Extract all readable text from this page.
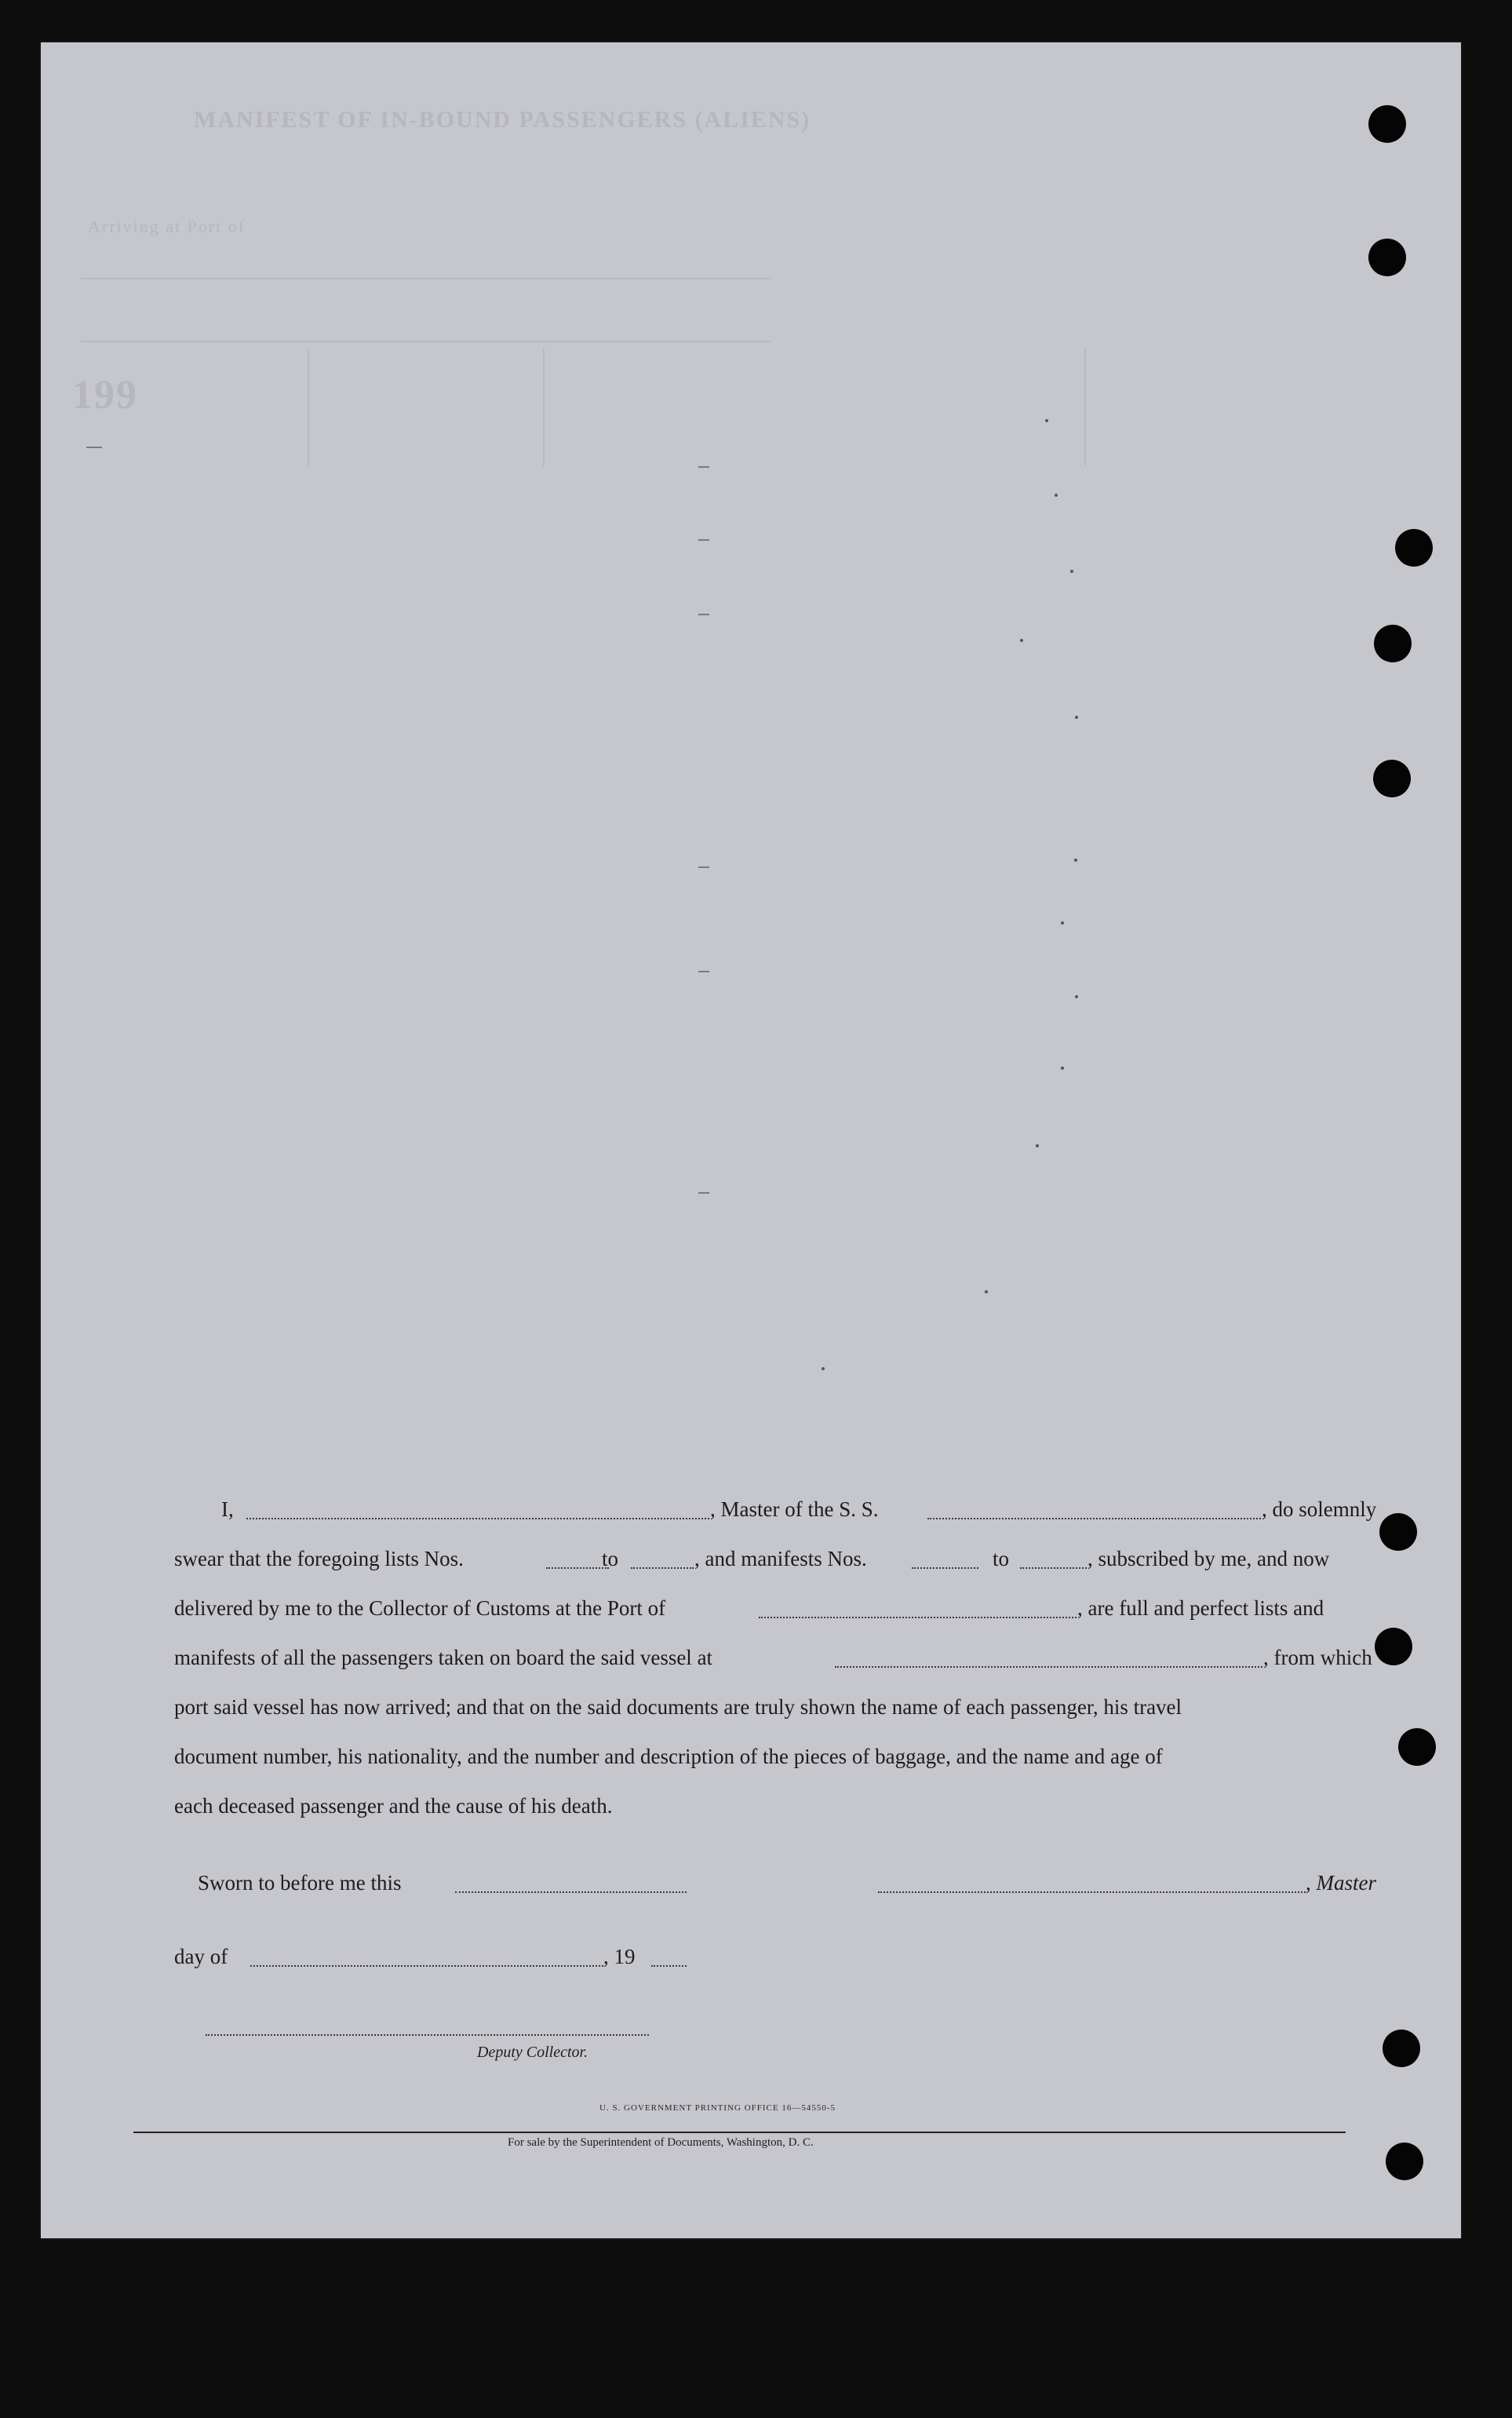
MANIFEST OF IN-BOUND PASSENGERS (ALIENS)
Arriving at Port of
199
I,	, Master of the S. S.	, do solemnly
swear that the foregoing lists Nos.	to	, and manifests Nos.	to	, subscribed by me, and now
delivered by me to the Collector of Customs at the Port of	, are full and perfect lists and
manifests of all the passengers taken on board the said vessel at	, from which
port said vessel has now arrived; and that on the said documents are truly shown the name of each passenger, his travel
document number, his nationality, and the number and description of the pieces of baggage, and the name and age of
each deceased passenger and the cause of his death.
Sworn to before me this	, Master
day of	, 19
Deputy Collector.
U. S. GOVERNMENT PRINTING OFFICE 16—54550-5
For sale by the Superintendent of Documents, Washington, D. C.
